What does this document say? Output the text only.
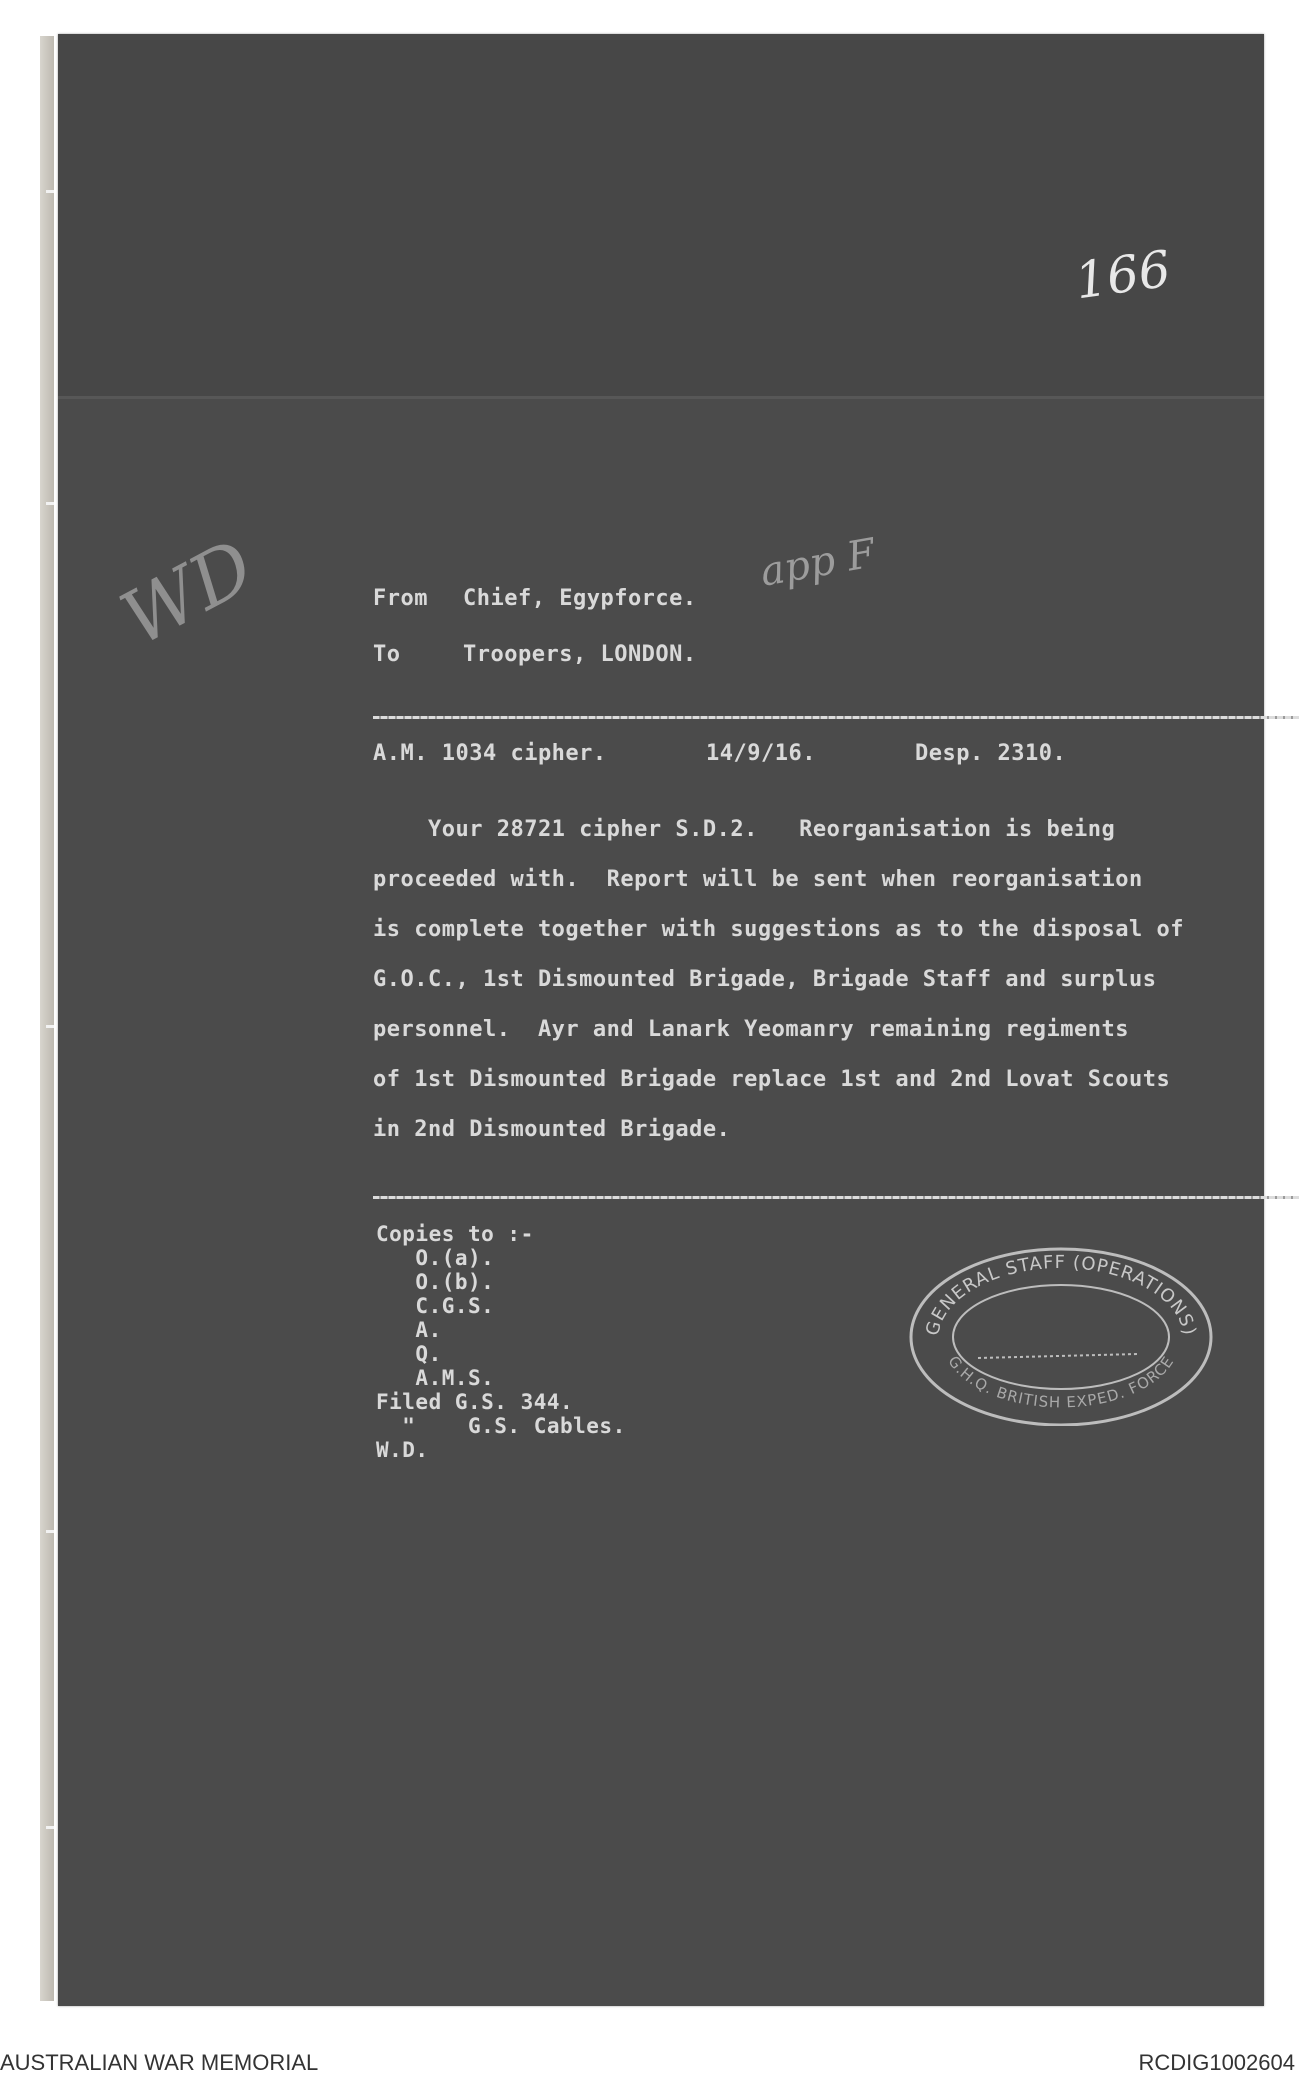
166
app F
WD	From Chief, Egypforce.
To	Troopers, LONDON.
A.M. 1034 cipher.	14/9/16.	Desp. 2310.
Your 28721 cipher S.D.2.   Reorganisation is being
proceeded with.  Report will be sent when reorganisation
is complete together with suggestions as to the disposal of
G.O.C., 1st Dismounted Brigade, Brigade Staff and surplus
personnel.  Ayr and Lanark Yeomanry remaining regiments
of 1st Dismounted Brigade replace 1st and 2nd Lovat Scouts
in 2nd Dismounted Brigade.
Copies to :-
O.(a).
O.(b).
C.G.S.
A.
Q.
A.M.S.
Filed G.S. 344.
"    G.S. Cables.
W.D.
GENERAL STAFF (OPERATIONS)
G.H.Q. BRITISH EXPED. FORCE
AUSTRALIAN WAR MEMORIAL	RCDIG1002604
